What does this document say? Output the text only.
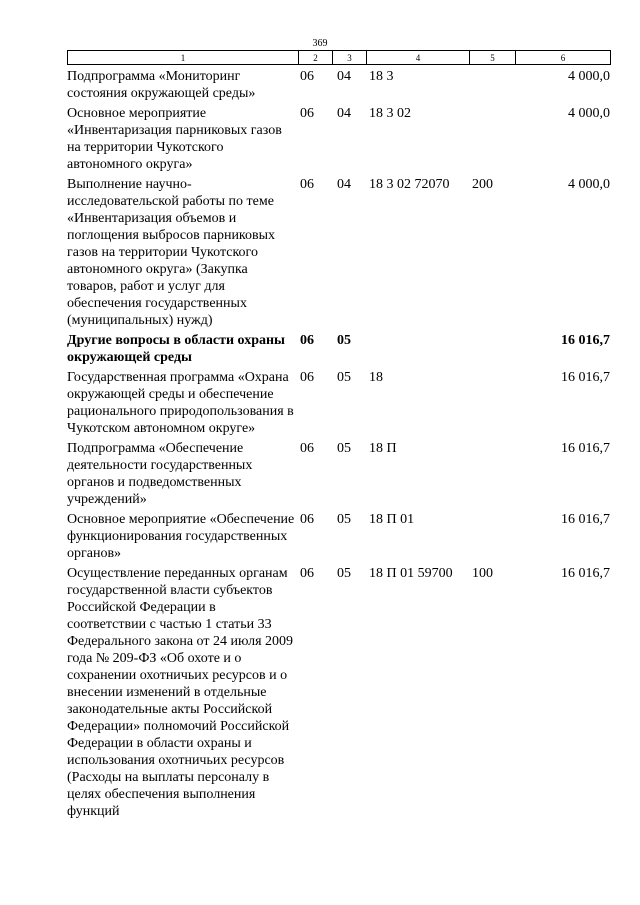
369
1	2	3	4	5	6
Подпрограмма «Мониторинг состояния окружающей среды»	06	04	18 3		4 000,0
Основное мероприятие «Инвентаризация парниковых газов на территории Чукотского автономного округа»	06	04	18 3 02		4 000,0
Выполнение научно-исследовательской работы по теме «Инвентаризация объемов и поглощения выбросов парниковых газов на территории Чукотского автономного округа» (Закупка товаров, работ и услуг для обеспечения государственных (муниципальных) нужд)	06	04	18 3 02 72070	200	4 000,0
Другие вопросы в области охраны окружающей среды	06	05			16 016,7
Государственная программа «Охрана окружающей среды и обеспечение рационального природопользования в Чукотском автономном округе»	06	05	18		16 016,7
Подпрограмма «Обеспечение деятельности государственных органов и подведомственных учреждений»	06	05	18 П		16 016,7
Основное мероприятие «Обеспечение функционирования государственных органов»	06	05	18 П 01		16 016,7
Осуществление переданных органам государственной власти субъектов Российской Федерации в соответствии с частью 1 статьи 33 Федерального закона от 24 июля 2009 года № 209-ФЗ «Об охоте и о сохранении охотничьих ресурсов и о внесении изменений в отдельные законодательные акты Российской Федерации» полномочий Российской Федерации в области охраны и использования охотничьих ресурсов (Расходы на выплаты персоналу в целях обеспечения выполнения функций	06	05	18 П 01 59700	100	16 016,7
